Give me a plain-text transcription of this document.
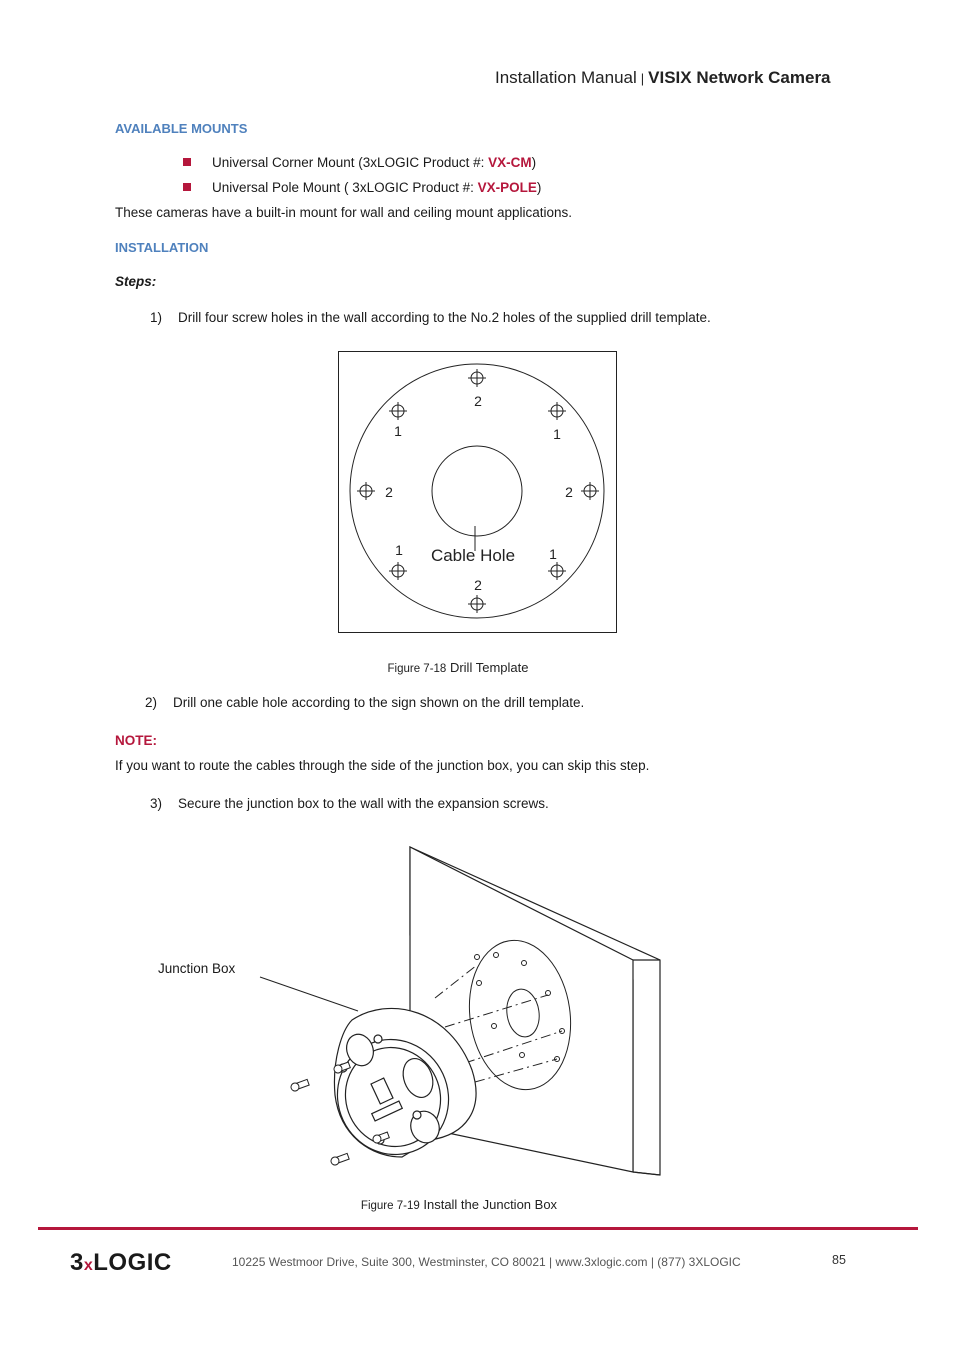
Installation Manual | VISIX Network Camera
AVAILABLE MOUNTS
Universal Corner Mount (3xLOGIC Product #: VX-CM)
Universal Pole Mount ( 3xLOGIC Product #: VX-POLE)
These cameras have a built-in mount for wall and ceiling mount applications.
INSTALLATION
Steps:
1) Drill four screw holes in the wall according to the No.2 holes of the supplied drill template.
2
2
2	2
1	1
1	1
Cable Hole
Figure 7-18 Drill Template
2) Drill one cable hole according to the sign shown on the drill template.
NOTE:
If you want to route the cables through the side of the junction box, you can skip this step.
3) Secure the junction box to the wall with the expansion screws.
Junction Box
Figure 7-19 Install the Junction Box
3xLOGIC	10225 Westmoor Drive, Suite 300, Westminster, CO 80021 | www.3xlogic.com | (877) 3XLOGIC	85
